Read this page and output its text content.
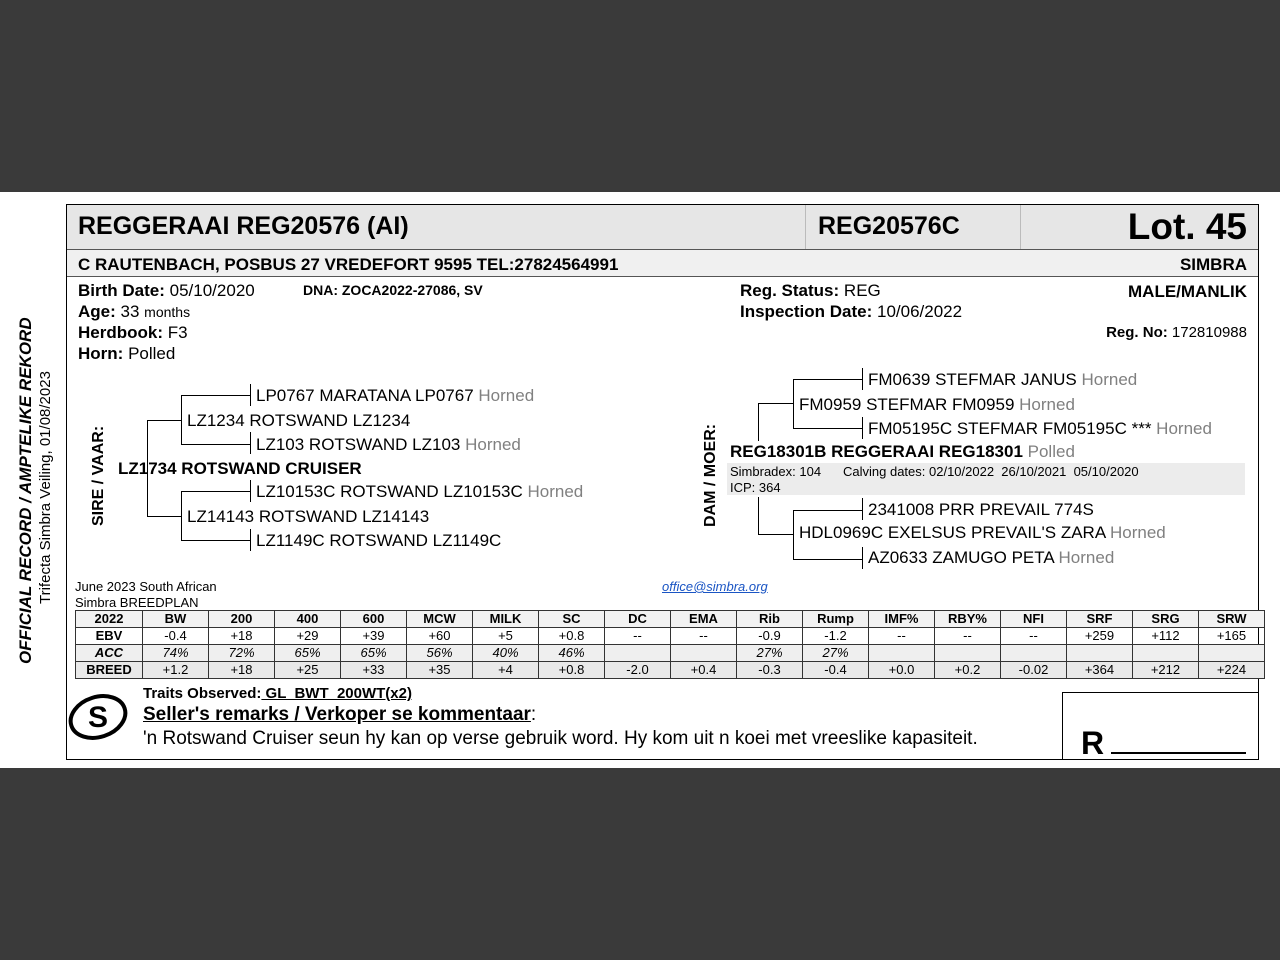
OFFICIAL RECORD / AMPTELIKE REKORD Trifecta Simbra Veiling, 01/08/2023
REGGERAAI REG20576 (AI)	REG20576C	Lot. 45
C RAUTENBACH, POSBUS 27 VREDEFORT 9595 TEL:27824564991	SIMBRA
Birth Date: 05/10/2020	DNA: ZOCA2022-27086, SV
Age: 33 months
Herdbook: F3
Horn: Polled
Reg. Status: REG
Inspection Date: 10/06/2022
MALE/MANLIK
Reg. No: 172810988
SIRE / VAAR:
LP0767 MARATANA LP0767 Horned
LZ1234 ROTSWAND LZ1234
LZ103 ROTSWAND LZ103 Horned
LZ1734 ROTSWAND CRUISER
LZ10153C ROTSWAND LZ10153C Horned
LZ14143 ROTSWAND LZ14143
LZ1149C ROTSWAND LZ1149C
DAM / MOER:
FM0639 STEFMAR JANUS Horned
FM0959 STEFMAR FM0959 Horned
FM05195C STEFMAR FM05195C *** Horned
REG18301B REGGERAAI REG18301 Polled
Simbradex: 104 Calving dates: 02/10/2022  26/10/2021  05/10/2020
ICP: 364
2341008 PRR PREVAIL 774S
HDL0969C EXELSUS PREVAIL'S ZARA Horned
AZ0633 ZAMUGO PETA Horned
June 2023 South African
Simbra BREEDPLAN
office@simbra.org
2022	BW	200	400	600	MCW	MILK	SC	DC	EMA	Rib	Rump	IMF%	RBY%	NFI	SRF	SRG	SRW
EBV	-0.4	+18	+29	+39	+60	+5	+0.8	--	--	-0.9	-1.2	--	--	--	+259	+112	+165
ACC	74%	72%	65%	65%	56%	40%	46%			27%	27%						
BREED	+1.2	+18	+25	+33	+35	+4	+0.8	-2.0	+0.4	-0.3	-0.4	+0.0	+0.2	-0.02	+364	+212	+224
R
S
Traits Observed: GL  BWT  200WT(x2)
Seller's remarks / Verkoper se kommentaar:
'n Rotswand Cruiser seun hy kan op verse gebruik word. Hy kom uit n koei met vreeslike kapasiteit.
